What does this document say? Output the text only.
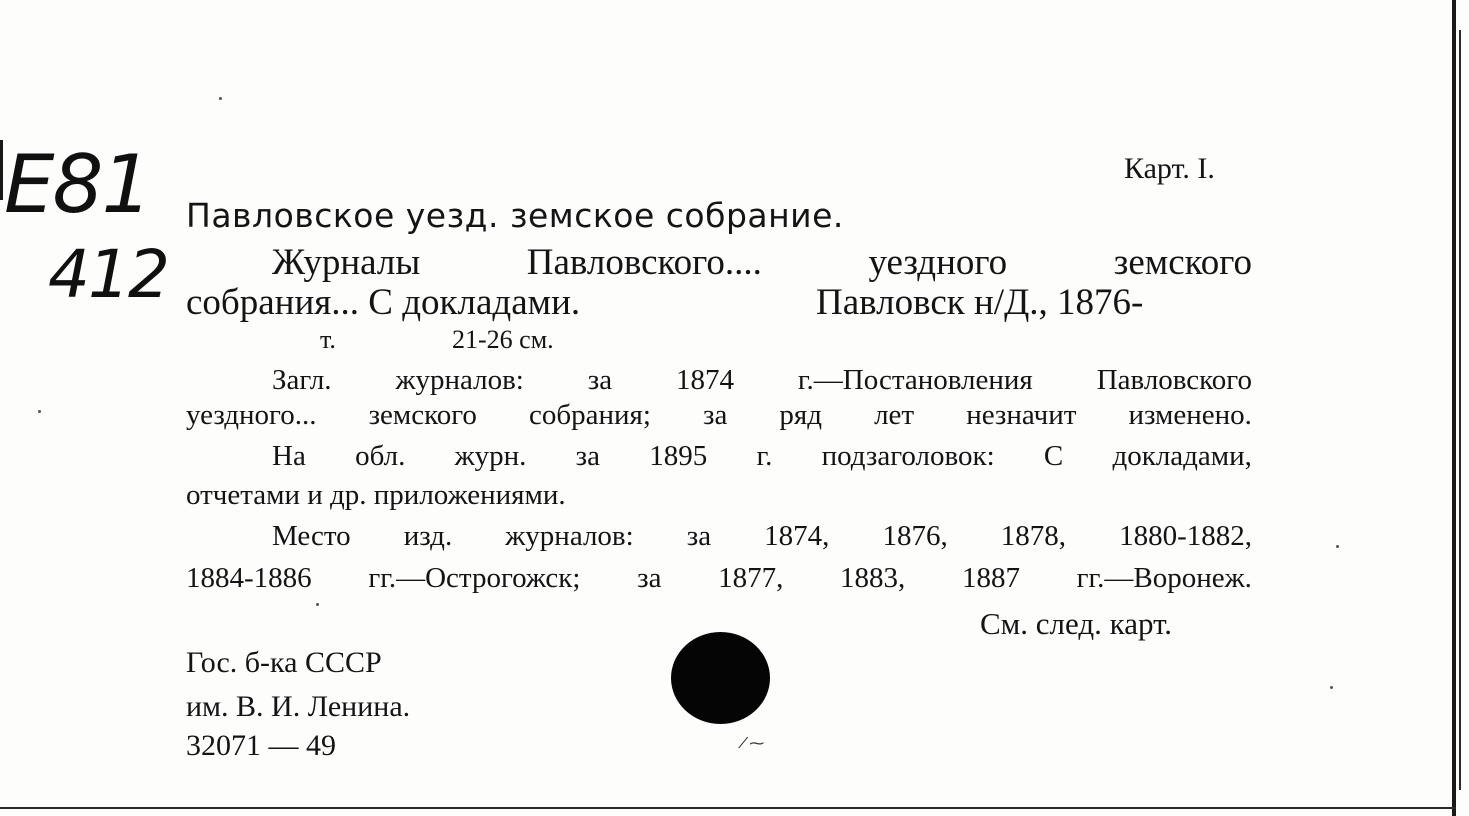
E81
412
Карт. I.
Павловское уезд. земское собрание.
Журналы	Павловского....	уездного	земского
собрания... С докладами.	Павловск н/Д., 1876-
т.	21-26 см.
Загл. журналов: за 1874 г.—Постановления Павловского
уездного... земского собрания; за ряд лет незначит изменено.
На обл. журн. за 1895 г. подзаголовок: С докладами,
отчетами и др. приложениями.
Место изд. журналов: за 1874, 1876, 1878, 1880-1882,
1884-1886 гг.—Острогожск; за 1877, 1883, 1887 гг.—Воронеж.
См. след. карт.
Гос. б-ка СССР
им. В. И. Ленина.
32071 — 49	⁄ ⁓
